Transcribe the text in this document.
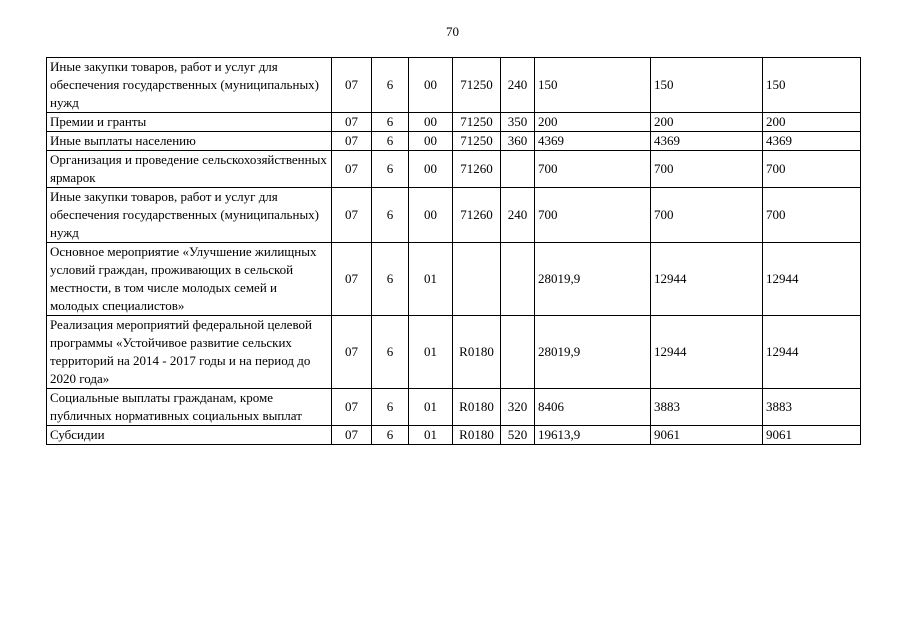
70
Иные закупки товаров, работ и услуг для обеспечения государственных (муниципальных) нужд	07	6	00	71250	240	150	150	150
Премии и гранты	07	6	00	71250	350	200	200	200
Иные выплаты населению	07	6	00	71250	360	4369	4369	4369
Организация и проведение сельскохозяйственных ярмарок	07	6	00	71260		700	700	700
Иные закупки товаров, работ и услуг для обеспечения государственных (муниципальных) нужд	07	6	00	71260	240	700	700	700
Основное мероприятие «Улучшение жилищных условий граждан, проживающих в сельской местности, в том числе молодых семей и молодых специалистов»	07	6	01			28019,9	12944	12944
Реализация мероприятий федеральной целевой программы «Устойчивое развитие сельских территорий на 2014 - 2017 годы и на период до 2020 года»	07	6	01	R0180		28019,9	12944	12944
Социальные выплаты гражданам, кроме публичных нормативных социальных выплат	07	6	01	R0180	320	8406	3883	3883
Субсидии	07	6	01	R0180	520	19613,9	9061	9061
